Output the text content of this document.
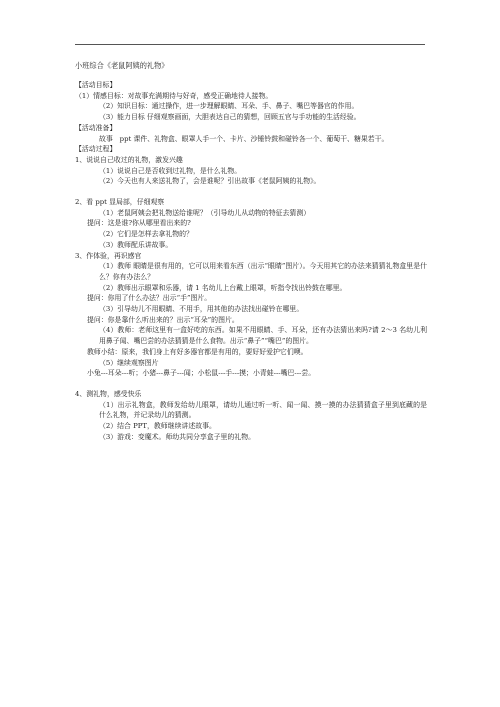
小班综合《老鼠阿姨的礼物》

【活动目标】

（1）情感目标：对故事充满期待与好奇，感受正确地待人接物。

（2）知识目标：通过操作，进一步理解眼睛、耳朵、手、鼻子、嘴巴等器官的作用。

（3）能力目标 仔细观察画面，大胆表达自己的猜想，回顾五官与手功能的生活经验。

【活动准备】

故事　ppt 课件、礼物盒、眼罩人手一个、卡片、沙锤铃鼓和碰铃各一个、葡萄干、糖果若干。

【活动过程】

1、说说自己收过的礼物，激发兴趣

（1）说说自己是否收到过礼物，是什么礼物。

（2）今天也有人来送礼物了，会是谁呢？引出故事《老鼠阿姨的礼物》。

2、看 ppt 显局部，仔细观察

（1）老鼠阿姨会把礼物送给谁呢？（引导幼儿从动物的特征去猜测）

提问：这是谁?你从哪里看出来的?

（2）它们是怎样去拿礼物的？

（3）教师配乐讲故事。

3、作体验，再识感官

（1）教师 眼睛是很有用的，它可以用来看东西（出示“眼睛”图片）。今天用其它的办法来猜猜礼物盒里是什么？你有办法么？

（2）教师出示眼罩和乐器，请 1 名幼儿上台戴上眼罩，听指令找出铃鼓在哪里。

提问：你用了什么办法？出示“手”图片。

（3）引导幼儿不用眼睛、不用手，用其他的办法找出碰铃在哪里。

提问：你是靠什么听出来的？出示“耳朵”的图片。

（4）教师：老师这里有一盒好吃的东西。如果不用眼睛、手、耳朵，还有办法猜出来吗?请 2～3 名幼儿利用鼻子闻、嘴巴尝的办法猜猜是什么食物。出示“鼻子”“嘴巴”的图片。

教师小结：原来，我们身上有好多器官都是有用的，要好好爱护它们噢。

（5）继续观察图片

小兔---耳朵---听；小猪---鼻子---闻；小松鼠---手---摸；小青蛙---嘴巴---尝。

4、测礼物，感受快乐

（1）出示礼物盒，教师发给幼儿眼罩，请幼儿通过听一听、闻一闻、摸一摸的办法猜猜盒子里到底藏的是什么礼物，并记录幼儿的猜测。

（2）结合 PPT，教师继续讲述故事。

（3）游戏：变魔术。师幼共同分享盒子里的礼物。
